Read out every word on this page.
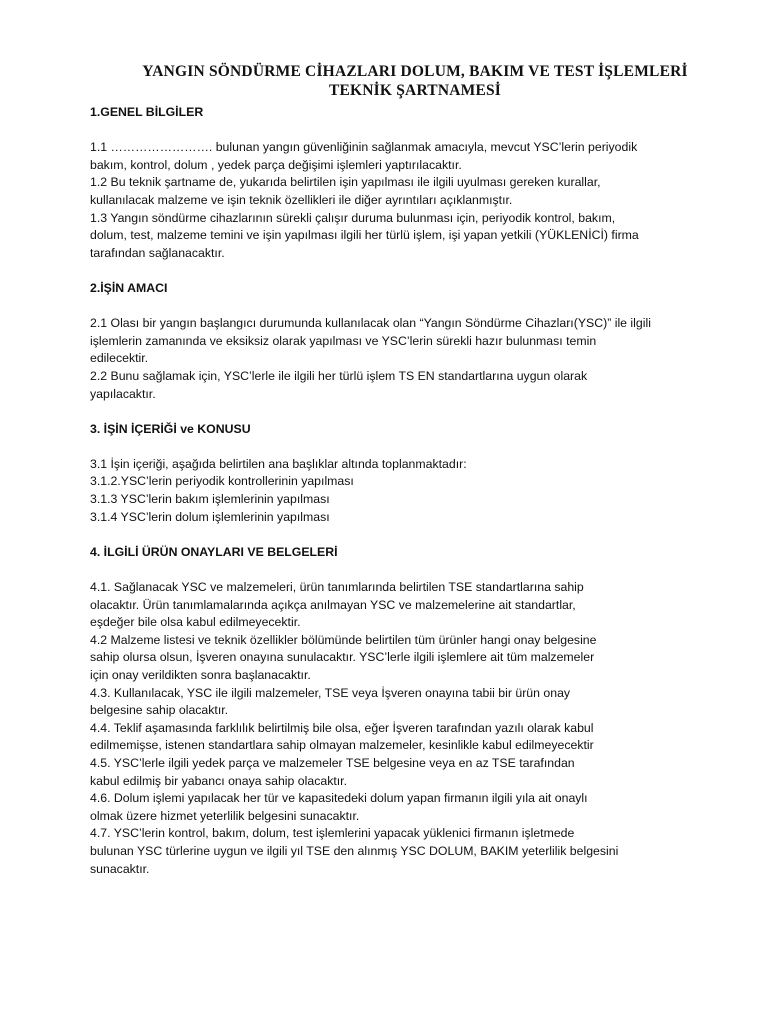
YANGIN SÖNDÜRME CİHAZLARI DOLUM, BAKIM VE TEST İŞLEMLERİ
TEKNİK ŞARTNAMESİ

1.GENEL BİLGİLER

1.1 ……………………. bulunan yangın güvenliğinin sağlanmak amacıyla, mevcut YSC’lerin periyodik
bakım, kontrol, dolum , yedek parça değişimi işlemleri yaptırılacaktır.
1.2 Bu teknik şartname de, yukarıda belirtilen işin yapılması ile ilgili uyulması gereken kurallar,
kullanılacak malzeme ve işin teknik özellikleri ile diğer ayrıntıları açıklanmıştır.
1.3 Yangın söndürme cihazlarının sürekli çalışır duruma bulunması için, periyodik kontrol, bakım,
dolum, test, malzeme temini ve işin yapılması ilgili her türlü işlem, işi yapan yetkili (YÜKLENİCİ) firma
tarafından sağlanacaktır.

2.İŞİN AMACI

2.1 Olası bir yangın başlangıcı durumunda kullanılacak olan “Yangın Söndürme Cihazları(YSC)” ile ilgili
işlemlerin zamanında ve eksiksiz olarak yapılması ve YSC’lerin sürekli hazır bulunması temin
edilecektir.
2.2 Bunu sağlamak için, YSC’lerle ile ilgili her türlü işlem TS EN standartlarına uygun olarak
yapılacaktır.

3. İŞİN İÇERİĞİ ve KONUSU

3.1 İşin içeriği, aşağıda belirtilen ana başlıklar altında toplanmaktadır:
3.1.2.YSC’lerin periyodik kontrollerinin yapılması
3.1.3 YSC’lerin bakım işlemlerinin yapılması
3.1.4 YSC’lerin dolum işlemlerinin yapılması

4. İLGİLİ ÜRÜN ONAYLARI VE BELGELERİ

4.1. Sağlanacak YSC ve malzemeleri, ürün tanımlarında belirtilen TSE standartlarına sahip
olacaktır. Ürün tanımlamalarında açıkça anılmayan YSC ve malzemelerine ait standartlar,
eşdeğer bile olsa kabul edilmeyecektir.
4.2 Malzeme listesi ve teknik özellikler bölümünde belirtilen tüm ürünler hangi onay belgesine
sahip olursa olsun, İşveren onayına sunulacaktır. YSC’lerle ilgili işlemlere ait tüm malzemeler
için onay verildikten sonra başlanacaktır.
4.3. Kullanılacak, YSC ile ilgili malzemeler, TSE veya İşveren onayına tabii bir ürün onay
belgesine sahip olacaktır.
4.4. Teklif aşamasında farklılık belirtilmiş bile olsa, eğer İşveren tarafından yazılı olarak kabul
edilmemişse, istenen standartlara sahip olmayan malzemeler, kesinlikle kabul edilmeyecektir
4.5. YSC’lerle ilgili yedek parça ve malzemeler TSE belgesine veya en az TSE tarafından
kabul edilmiş bir yabancı onaya sahip olacaktır.
4.6. Dolum işlemi yapılacak her tür ve kapasitedeki dolum yapan firmanın ilgili yıla ait onaylı
olmak üzere hizmet yeterlilik belgesini sunacaktır.
4.7. YSC’lerin kontrol, bakım, dolum, test işlemlerini yapacak yüklenici firmanın işletmede
bulunan YSC türlerine uygun ve ilgili yıl TSE den alınmış YSC DOLUM, BAKIM yeterlilik belgesini
sunacaktır.
